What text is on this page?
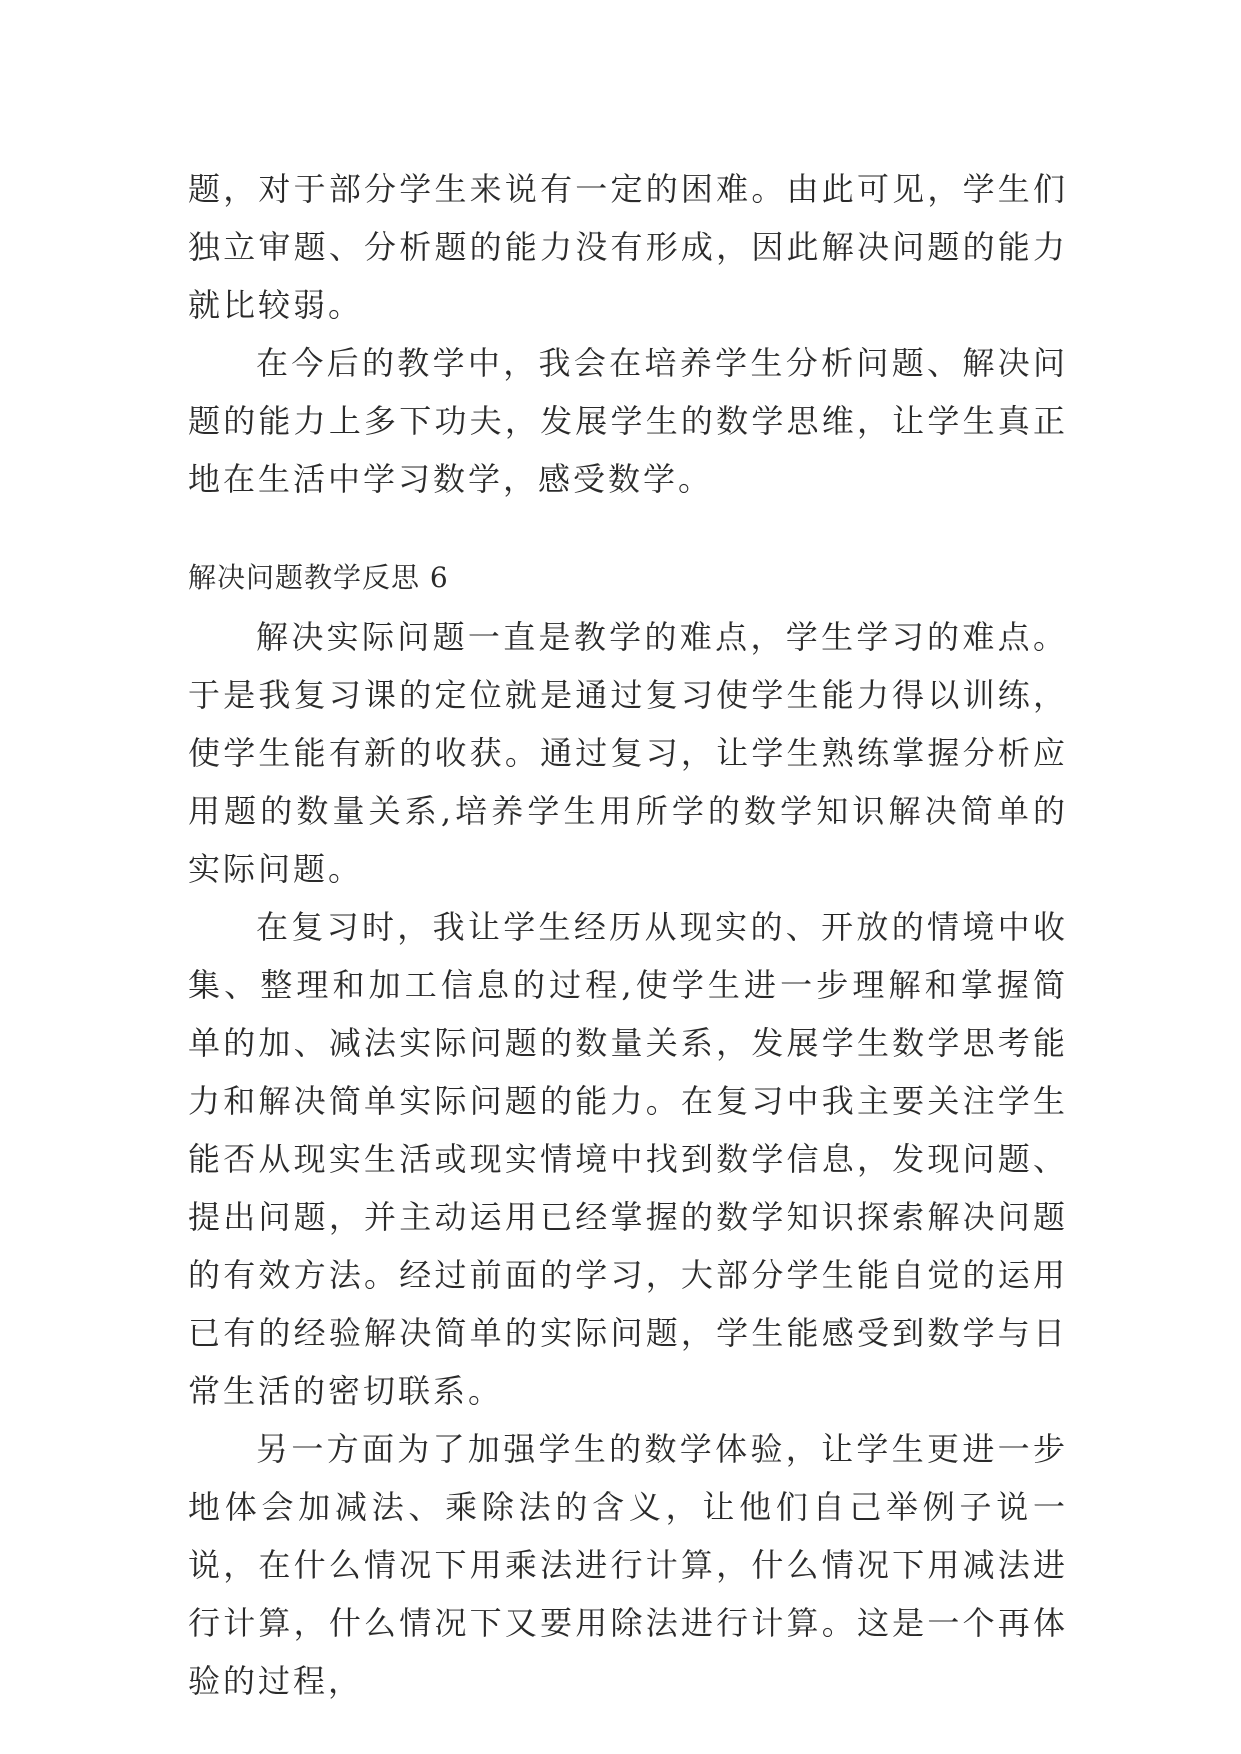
题，对于部分学生来说有一定的困难。由此可见，学生们独立审题、分析题的能力没有形成，因此解决问题的能力就比较弱。

在今后的教学中，我会在培养学生分析问题、解决问题的能力上多下功夫，发展学生的数学思维，让学生真正地在生活中学习数学，感受数学。

解决问题教学反思 6

解决实际问题一直是教学的难点，学生学习的难点。于是我复习课的定位就是通过复习使学生能力得以训练，使学生能有新的收获。通过复习，让学生熟练掌握分析应用题的数量关系,培养学生用所学的数学知识解决简单的实际问题。

在复习时，我让学生经历从现实的、开放的情境中收集、整理和加工信息的过程,使学生进一步理解和掌握简单的加、减法实际问题的数量关系，发展学生数学思考能力和解决简单实际问题的能力。在复习中我主要关注学生能否从现实生活或现实情境中找到数学信息，发现问题、提出问题，并主动运用已经掌握的数学知识探索解决问题的有效方法。经过前面的学习，大部分学生能自觉的运用已有的经验解决简单的实际问题，学生能感受到数学与日常生活的密切联系。

另一方面为了加强学生的数学体验，让学生更进一步地体会加减法、乘除法的含义，让他们自己举例子说一说，在什么情况下用乘法进行计算，什么情况下用减法进行计算，什么情况下又要用除法进行计算。这是一个再体验的过程，
